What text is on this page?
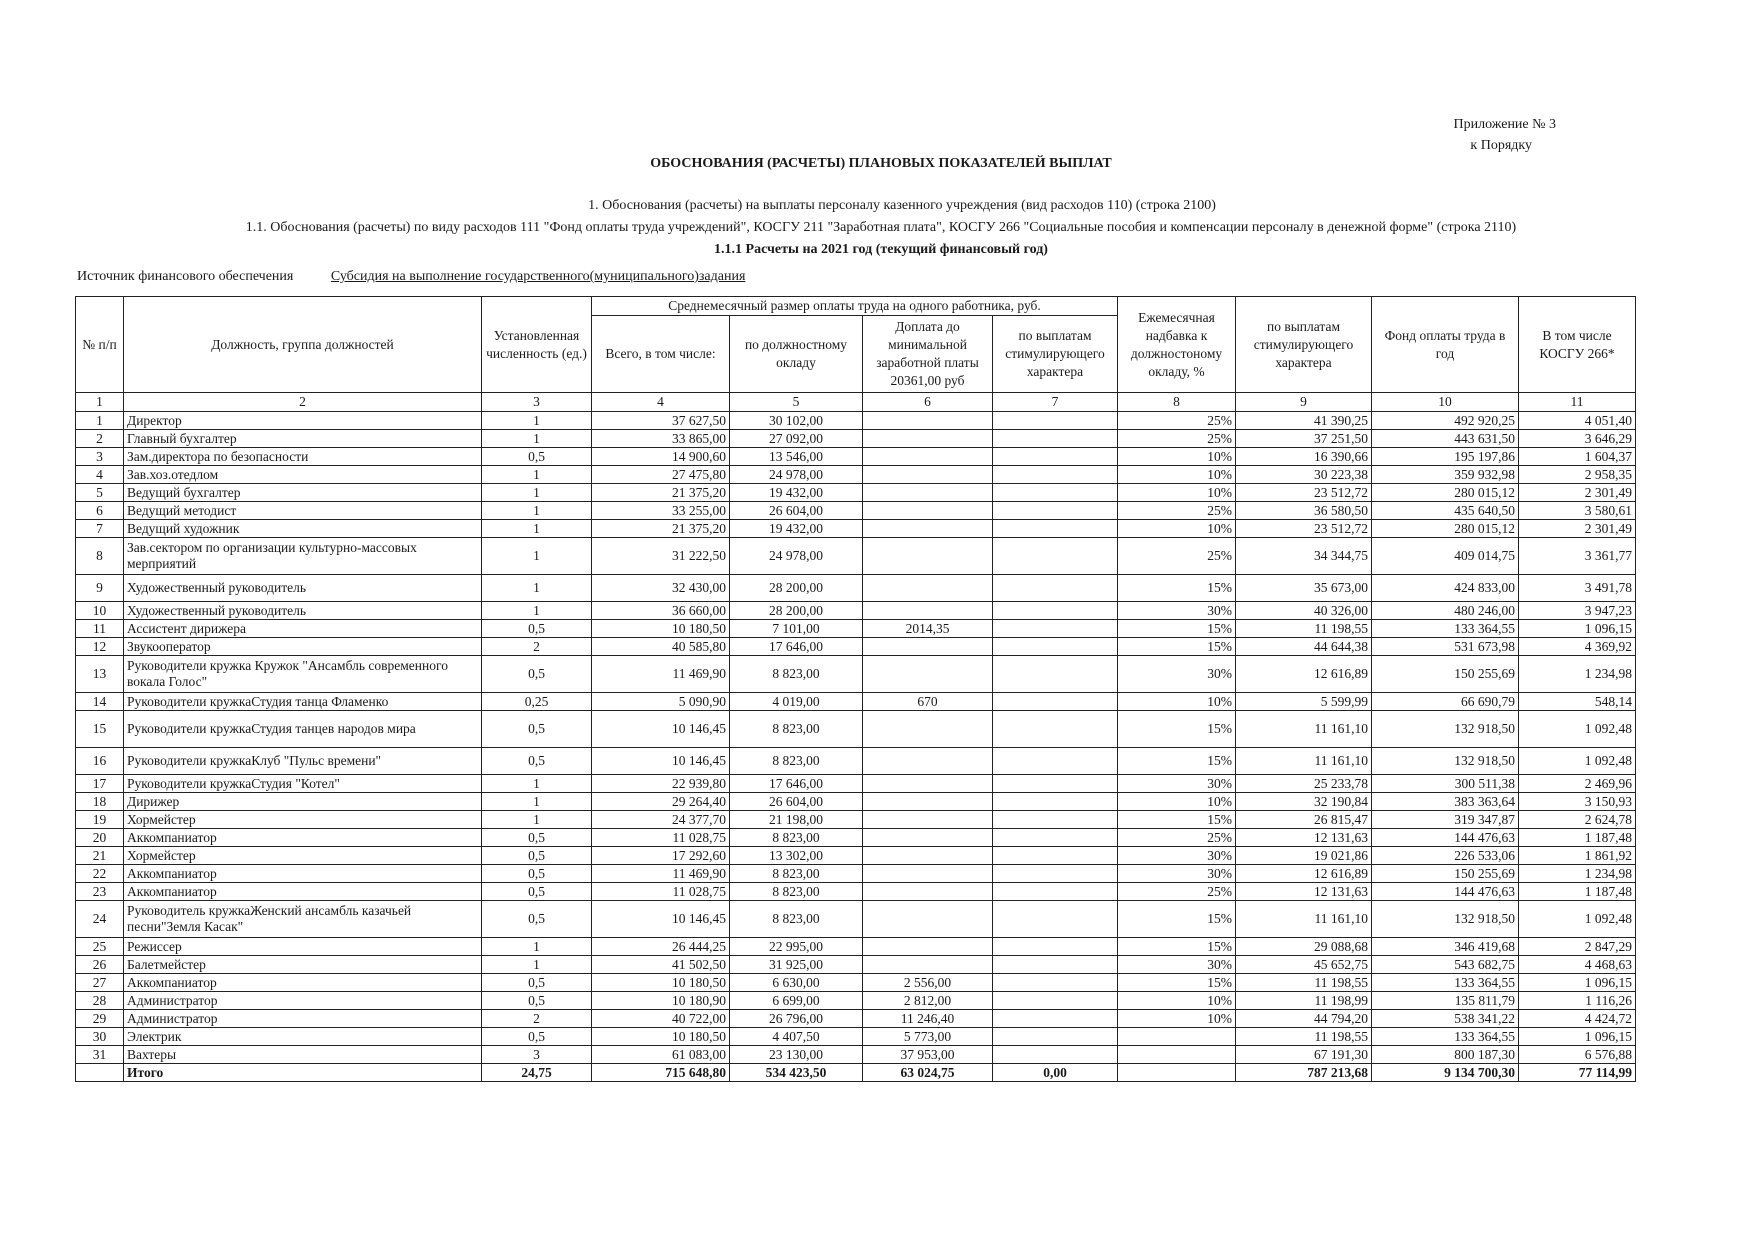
Приложение № 3
к Порядку
ОБОСНОВАНИЯ (РАСЧЕТЫ) ПЛАНОВЫХ ПОКАЗАТЕЛЕЙ ВЫПЛАТ
1. Обоснования (расчеты) на выплаты персоналу казенного учреждения (вид расходов 110) (строка 2100)
1.1. Обоснования (расчеты) по виду расходов 111 "Фонд оплаты труда учреждений", КОСГУ 211 "Заработная плата", КОСГУ 266 "Социальные пособия и компенсации персоналу в денежной форме" (строка 2110)
1.1.1 Расчеты на 2021 год (текущий финансовый год)
Источник финансового обеспечения	Субсидия на выполнение государственного(муниципального)задания
№ п/п	Должность, группа должностей	Установленная численность (ед.)	Среднемесячный размер оплаты труда на одного работника, руб.				Ежемесячная надбавка к должностоному окладу, %	по выплатам стимулирующего характера	Фонд оплаты труда в год	В том числе КОСГУ 266*
			Всего, в том числе:	по должностному окладу	Доплата до минимальной заработной платы 20361,00 руб	по выплатам стимулирующего характера				
1	2	3	4	5	6	7	8	9	10	11
1	Директор	1	37 627,50	30 102,00			25%	41 390,25	492 920,25	4 051,40
2	Главный бухгалтер	1	33 865,00	27 092,00			25%	37 251,50	443 631,50	3 646,29
3	Зам.директора по безопасности	0,5	14 900,60	13 546,00			10%	16 390,66	195 197,86	1 604,37
4	Зав.хоз.отедлом	1	27 475,80	24 978,00			10%	30 223,38	359 932,98	2 958,35
5	Ведущий бухгалтер	1	21 375,20	19 432,00			10%	23 512,72	280 015,12	2 301,49
6	Ведущий методист	1	33 255,00	26 604,00			25%	36 580,50	435 640,50	3 580,61
7	Ведущий художник	1	21 375,20	19 432,00			10%	23 512,72	280 015,12	2 301,49
8	Зав.сектором по организации культурно-массовых мерприятий	1	31 222,50	24 978,00			25%	34 344,75	409 014,75	3 361,77
9	Художественный руководитель	1	32 430,00	28 200,00			15%	35 673,00	424 833,00	3 491,78
10	Художественный руководитель	1	36 660,00	28 200,00			30%	40 326,00	480 246,00	3 947,23
11	Ассистент дирижера	0,5	10 180,50	7 101,00	2014,35		15%	11 198,55	133 364,55	1 096,15
12	Звукооператор	2	40 585,80	17 646,00			15%	44 644,38	531 673,98	4 369,92
13	Руководители кружка Кружок "Ансамбль современного вокала Голос"	0,5	11 469,90	8 823,00			30%	12 616,89	150 255,69	1 234,98
14	Руководители кружкаСтудия танца Фламенко	0,25	5 090,90	4 019,00	670		10%	5 599,99	66 690,79	548,14
15	Руководители кружкаСтудия танцев народов мира	0,5	10 146,45	8 823,00			15%	11 161,10	132 918,50	1 092,48
16	Руководители кружкаКлуб "Пульс времени"	0,5	10 146,45	8 823,00			15%	11 161,10	132 918,50	1 092,48
17	Руководители кружкаСтудия "Котел"	1	22 939,80	17 646,00			30%	25 233,78	300 511,38	2 469,96
18	Дирижер	1	29 264,40	26 604,00			10%	32 190,84	383 363,64	3 150,93
19	Хормейстер	1	24 377,70	21 198,00			15%	26 815,47	319 347,87	2 624,78
20	Аккомпаниатор	0,5	11 028,75	8 823,00			25%	12 131,63	144 476,63	1 187,48
21	Хормейстер	0,5	17 292,60	13 302,00			30%	19 021,86	226 533,06	1 861,92
22	Аккомпаниатор	0,5	11 469,90	8 823,00			30%	12 616,89	150 255,69	1 234,98
23	Аккомпаниатор	0,5	11 028,75	8 823,00			25%	12 131,63	144 476,63	1 187,48
24	Руководитель кружкаЖенский ансамбль казачьей песни"Земля Касак"	0,5	10 146,45	8 823,00			15%	11 161,10	132 918,50	1 092,48
25	Режиссер	1	26 444,25	22 995,00			15%	29 088,68	346 419,68	2 847,29
26	Балетмейстер	1	41 502,50	31 925,00			30%	45 652,75	543 682,75	4 468,63
27	Аккомпаниатор	0,5	10 180,50	6 630,00	2 556,00		15%	11 198,55	133 364,55	1 096,15
28	Администратор	0,5	10 180,90	6 699,00	2 812,00		10%	11 198,99	135 811,79	1 116,26
29	Администратор	2	40 722,00	26 796,00	11 246,40		10%	44 794,20	538 341,22	4 424,72
30	Электрик	0,5	10 180,50	4 407,50	5 773,00			11 198,55	133 364,55	1 096,15
31	Вахтеры	3	61 083,00	23 130,00	37 953,00			67 191,30	800 187,30	6 576,88
	Итого	24,75	715 648,80	534 423,50	63 024,75	0,00		787 213,68	9 134 700,30	77 114,99
